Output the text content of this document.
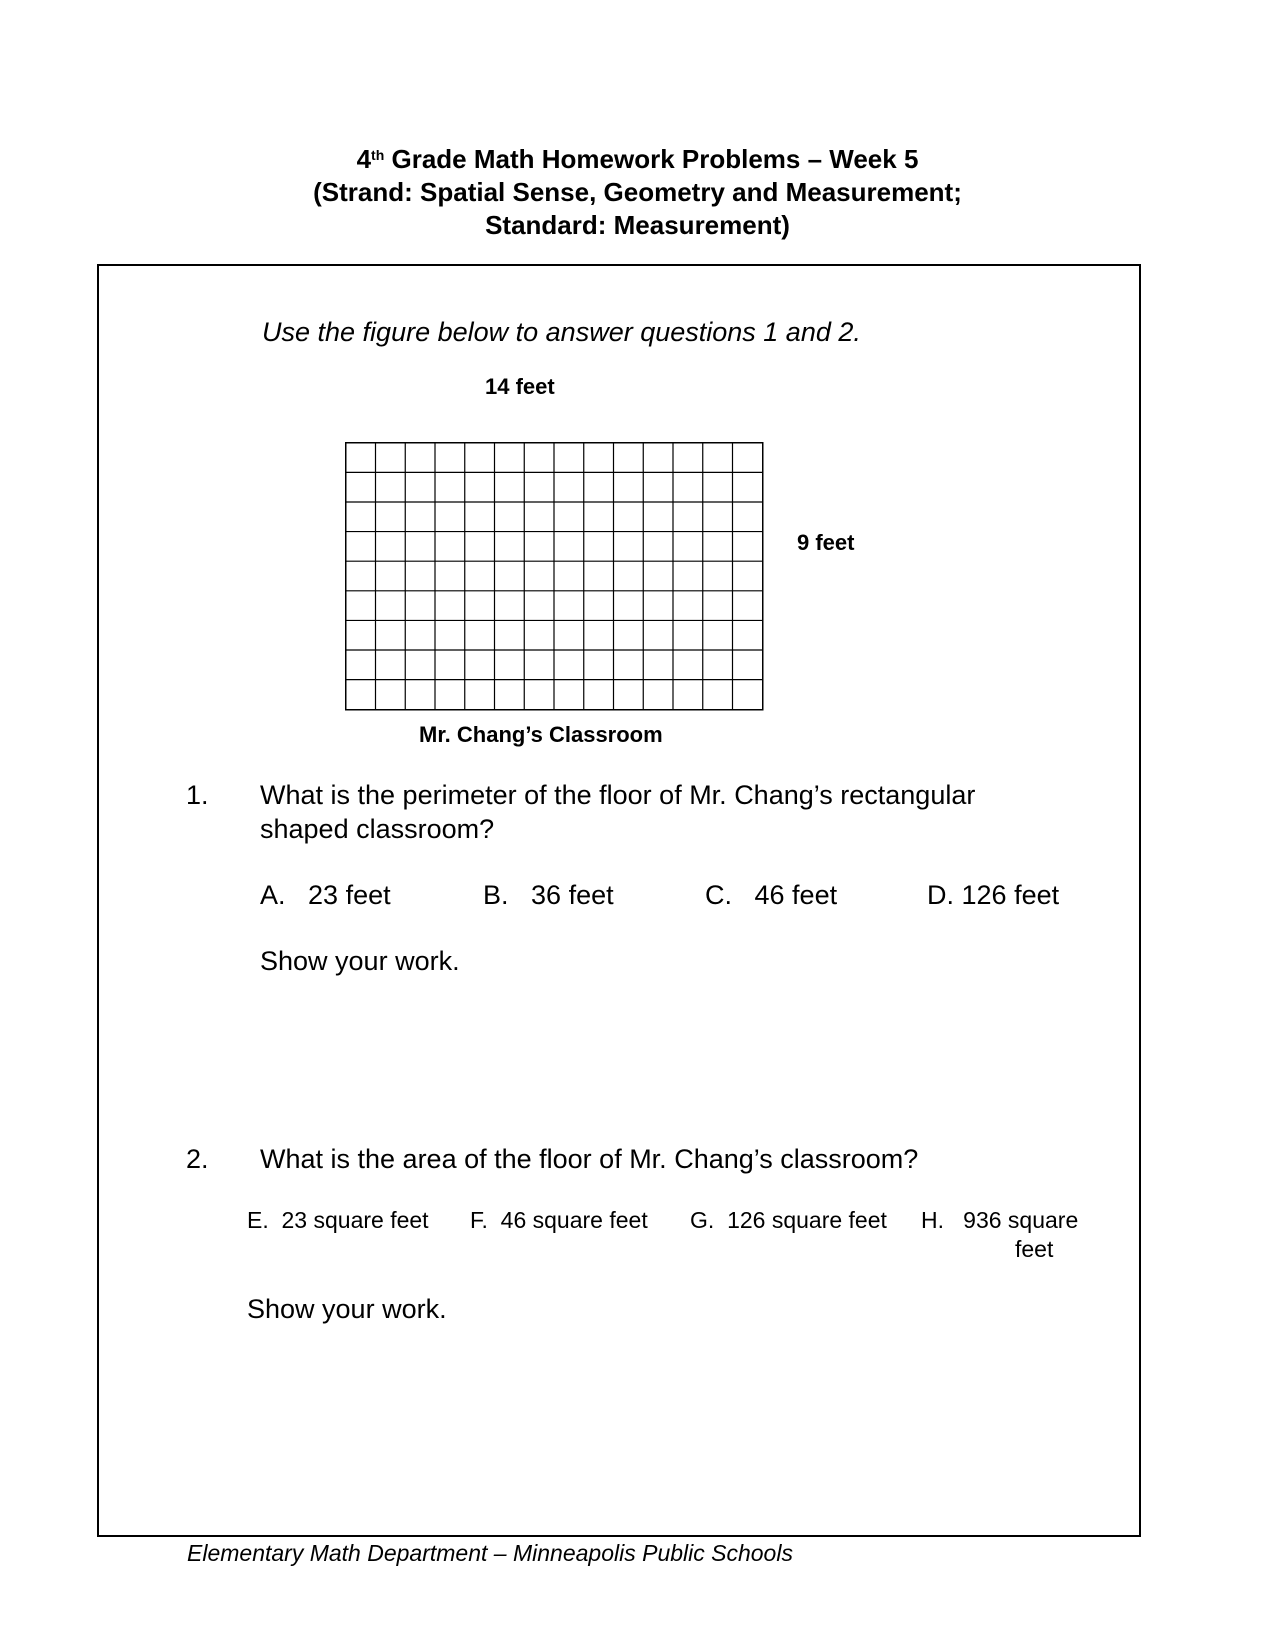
4th Grade Math Homework Problems – Week 5
(Strand: Spatial Sense, Geometry and Measurement;
Standard: Measurement)
Use the figure below to answer questions 1 and 2.
14 feet
9 feet
Mr. Chang’s Classroom
1. What is the perimeter of the floor of Mr. Chang’s rectangular
shaped classroom?
A. 23 feet	B. 36 feet	C. 46 feet	D. 126 feet
Show your work.
2. What is the area of the floor of Mr. Chang’s classroom?
E. 23 square feet F. 46 square feet G. 126 square feet H. 936 square
feet
Show your work.
Elementary Math Department – Minneapolis Public Schools
